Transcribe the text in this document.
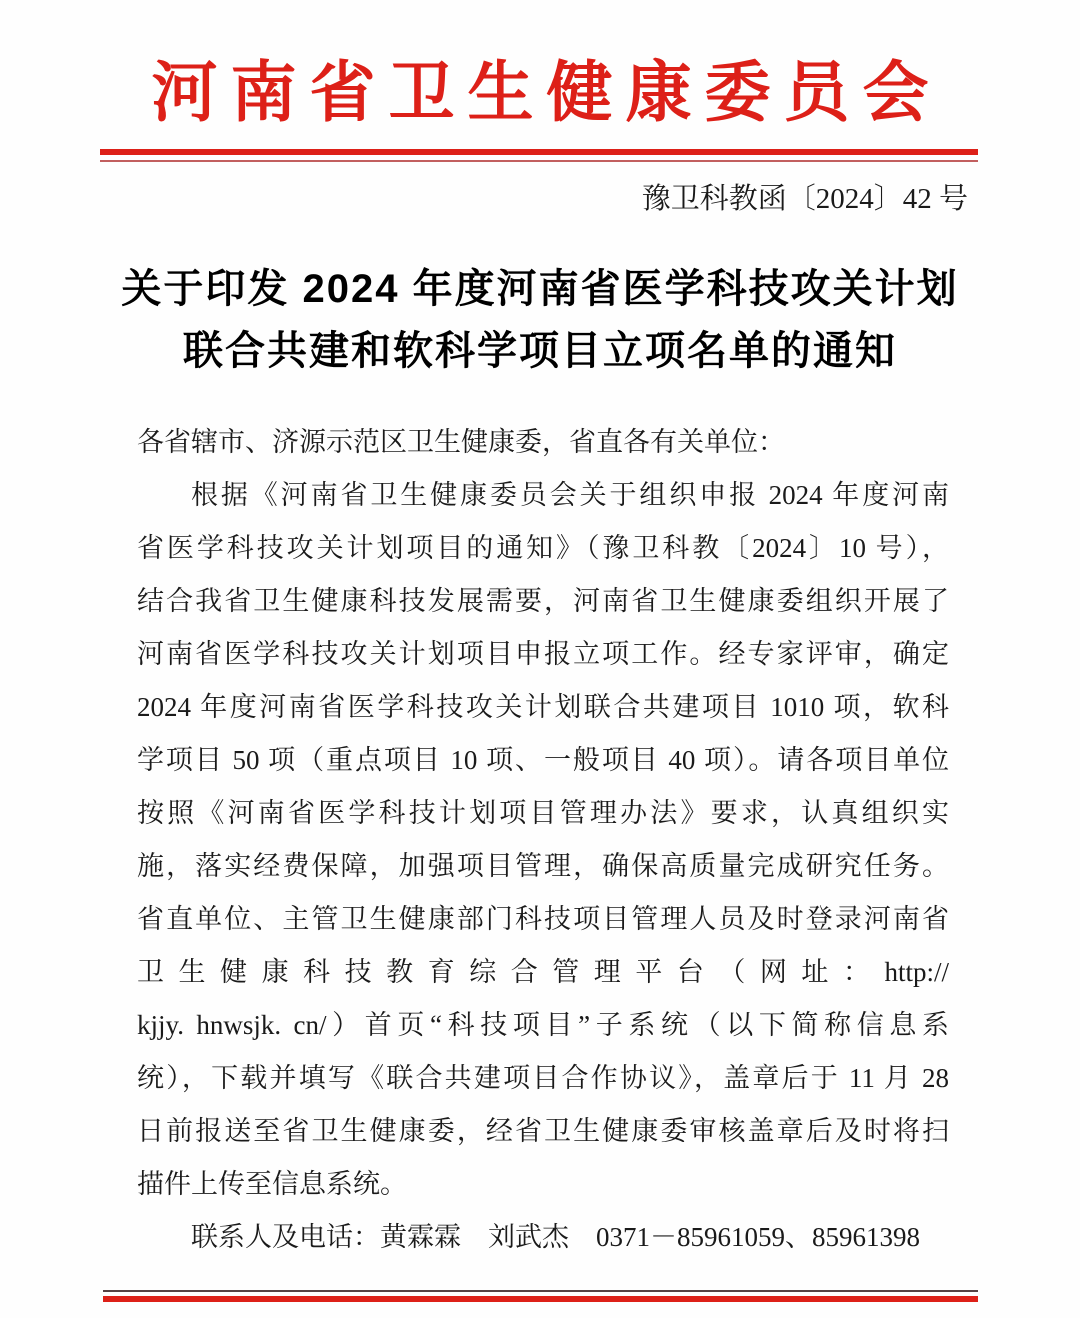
河南省卫生健康委员会
豫卫科教函〔2024〕42 号
关于印发 2024 年度河南省医学科技攻关计划
联合共建和软科学项目立项名单的通知
各省辖市、济源示范区卫生健康委，省直各有关单位：
根据《河南省卫生健康委员会关于组织申报 2024 年度河南
省医学科技攻关计划项目的通知》（豫卫科教〔2024〕10 号），
结合我省卫生健康科技发展需要，河南省卫生健康委组织开展了
河南省医学科技攻关计划项目申报立项工作。经专家评审，确定
2024 年度河南省医学科技攻关计划联合共建项目 1010 项，软科
学项目 50 项（重点项目 10 项、一般项目 40 项）。请各项目单位
按照《河南省医学科技计划项目管理办法》要求，认真组织实
施，落实经费保障，加强项目管理，确保高质量完成研究任务。
省直单位、主管卫生健康部门科技项目管理人员及时登录河南省
卫生健康科技教育综合管理平台（网址：http://
kjjy. hnwsjk. cn/）首页“科技项目”子系统（以下简称信息系
统），下载并填写《联合共建项目合作协议》，盖章后于 11 月 28
日前报送至省卫生健康委，经省卫生健康委审核盖章后及时将扫
描件上传至信息系统。
联系人及电话：黄霖霖　刘武杰　0371－85961059、85961398
